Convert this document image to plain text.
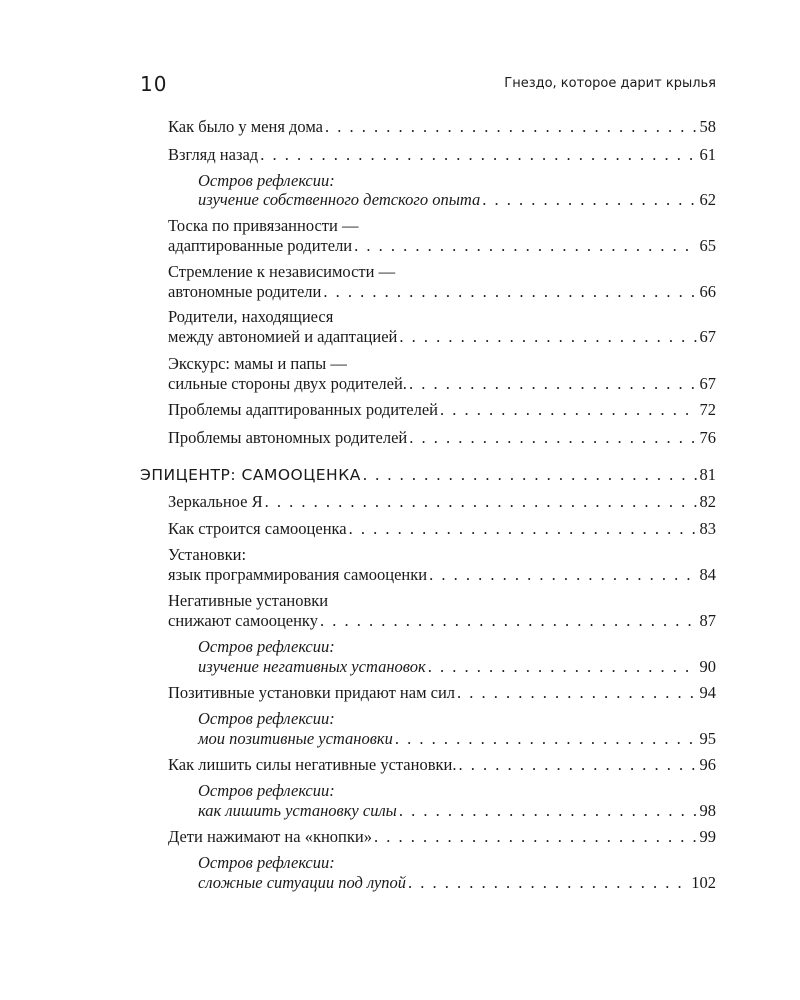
10	Гнездо, которое дарит крылья
Как было у меня дома . . .	58
Взгляд назад . . .	61
Остров рефлексии:
изучение собственного детского опыта . . .	62
Тоска по привязанности —
адаптированные родители . . .	65
Стремление к независимости —
автономные родители . . .	66
Родители, находящиеся
между автономией и адаптацией . . .	67
Экскурс: мамы и папы —
сильные стороны двух родителей. . . .	67
Проблемы адаптированных родителей . . .	72
Проблемы автономных родителей . . .	76
ЭПИЦЕНТР: САМООЦЕНКА . . .	81
Зеркальное Я . . .	82
Как строится самооценка . . .	83
Установки:
язык программирования самооценки . . .	84
Негативные установки
снижают самооценку . . .	87
Остров рефлексии:
изучение негативных установок . . .	90
Позитивные установки придают нам сил . . .	94
Остров рефлексии:
мои позитивные установки . . .	95
Как лишить силы негативные установки. . . .	96
Остров рефлексии:
как лишить установку силы . . .	98
Дети нажимают на «кнопки» . . .	99
Остров рефлексии:
сложные ситуации под лупой . . .	102
